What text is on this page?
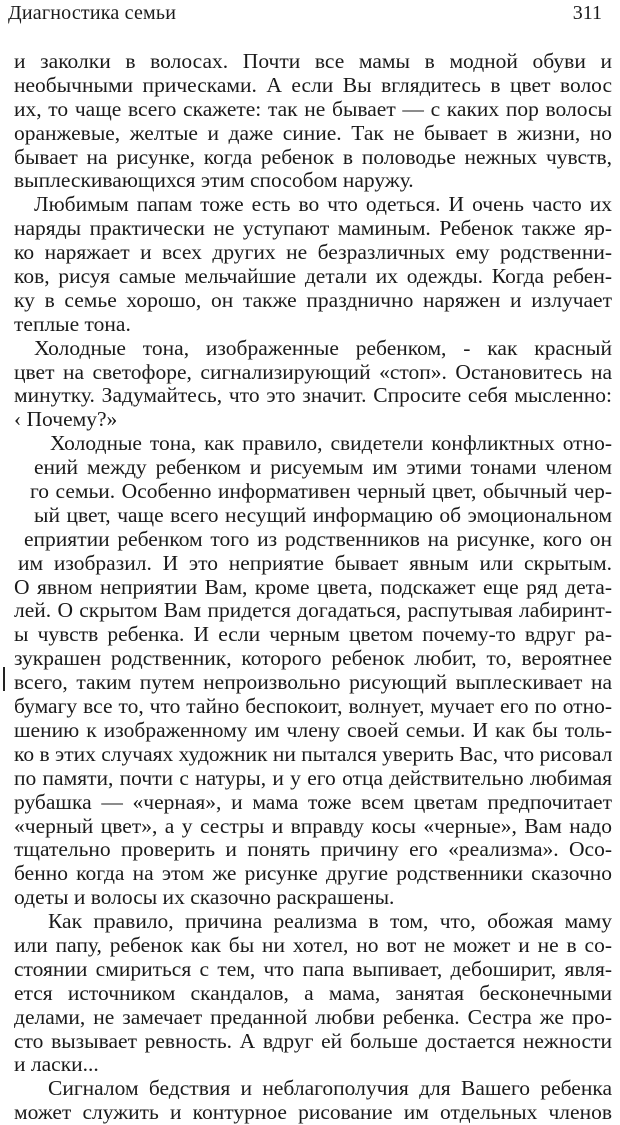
Диагностика семьи	311
и заколки в волосах. Почти все мамы в модной обуви и
необычными прическами. А если Вы вглядитесь в цвет волос
их, то чаще всего скажете: так не бывает — с каких пор волосы
оранжевые, желтые и даже синие. Так не бывает в жизни, но
бывает на рисунке, когда ребенок в половодье нежных чувств,
выплескивающихся этим способом наружу.
Любимым папам тоже есть во что одеться. И очень часто их
наряды практически не уступают маминым. Ребенок также яр-
ко наряжает и всех других не безразличных ему родственни-
ков, рисуя самые мельчайшие детали их одежды. Когда ребен-
ку в семье хорошо, он также празднично наряжен и излучает
теплые тона.
Холодные тона, изображенные ребенком, - как красный
цвет на светофоре, сигнализирующий «стоп». Остановитесь на
минутку. Задумайтесь, что это значит. Спросите себя мысленно:
‹ Почему?»
Холодные тона, как правило, свидетели конфликтных отно-
ений между ребенком и рисуемым им этими тонами членом
го семьи. Особенно информативен черный цвет, обычный чер-
ый цвет, чаще всего несущий информацию об эмоциональном
еприятии ребенком того из родственников на рисунке, кого он
им изобразил. И это неприятие бывает явным или скрытым.
О явном неприятии Вам, кроме цвета, подскажет еще ряд дета-
лей. О скрытом Вам придется догадаться, распутывая лабиринт-
ы чувств ребенка. И если черным цветом почему-то вдруг ра-
зукрашен родственник, которого ребенок любит, то, вероятнее
всего, таким путем непроизвольно рисующий выплескивает на
бумагу все то, что тайно беспокоит, волнует, мучает его по отно-
шению к изображенному им члену своей семьи. И как бы толь-
ко в этих случаях художник ни пытался уверить Вас, что рисовал
по памяти, почти с натуры, и у его отца действительно любимая
рубашка — «черная», и мама тоже всем цветам предпочитает
«черный цвет», а у сестры и вправду косы «черные», Вам надо
тщательно проверить и понять причину его «реализма». Осо-
бенно когда на этом же рисунке другие родственники сказочно
одеты и волосы их сказочно раскрашены.
Как правило, причина реализма в том, что, обожая маму
или папу, ребенок как бы ни хотел, но вот не может и не в со-
стоянии смириться с тем, что папа выпивает, дебоширит, явля-
ется источником скандалов, а мама, занятая бесконечными
делами, не замечает преданной любви ребенка. Сестра же про-
сто вызывает ревность. А вдруг ей больше достается нежности
и ласки...
Сигналом бедствия и неблагополучия для Вашего ребенка
может служить и контурное рисование им отдельных членов
